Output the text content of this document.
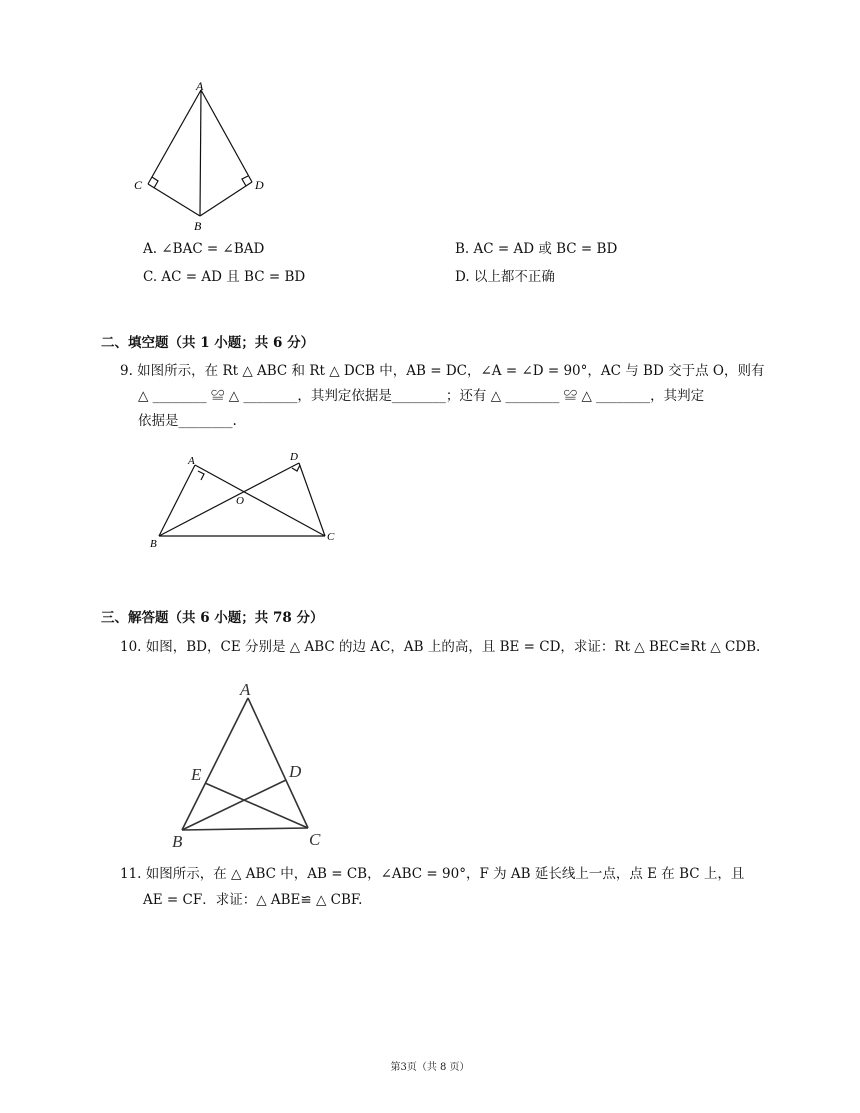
A
C	D
B
A. ∠BAC = ∠BAD	B. AC = AD 或 BC = BD
C. AC = AD 且 BC = BD	D. 以上都不正确
二、填空题（共 1 小题；共 6 分）
9. 如图所示，在 Rt △ ABC 和 Rt △ DCB 中，AB = DC，∠A = ∠D = 90°，AC 与 BD 交于点 O，则有
△ ________ ≌ △ ________，其判定依据是________；还有 △ ________ ≌ △ ________，其判定
依据是________.
A	D
O
B
C
三、解答题（共 6 小题；共 78 分）
10. 如图，BD，CE 分别是 △ ABC 的边 AC，AB 上的高，且 BE = CD，求证：Rt △ BEC≌Rt △ CDB.
A
E	D
B	C
11. 如图所示，在 △ ABC 中，AB = CB，∠ABC = 90°，F 为 AB 延长线上一点，点 E 在 BC 上，且
AE = CF．求证：△ ABE≌ △ CBF.
第3页（共 8 页）
